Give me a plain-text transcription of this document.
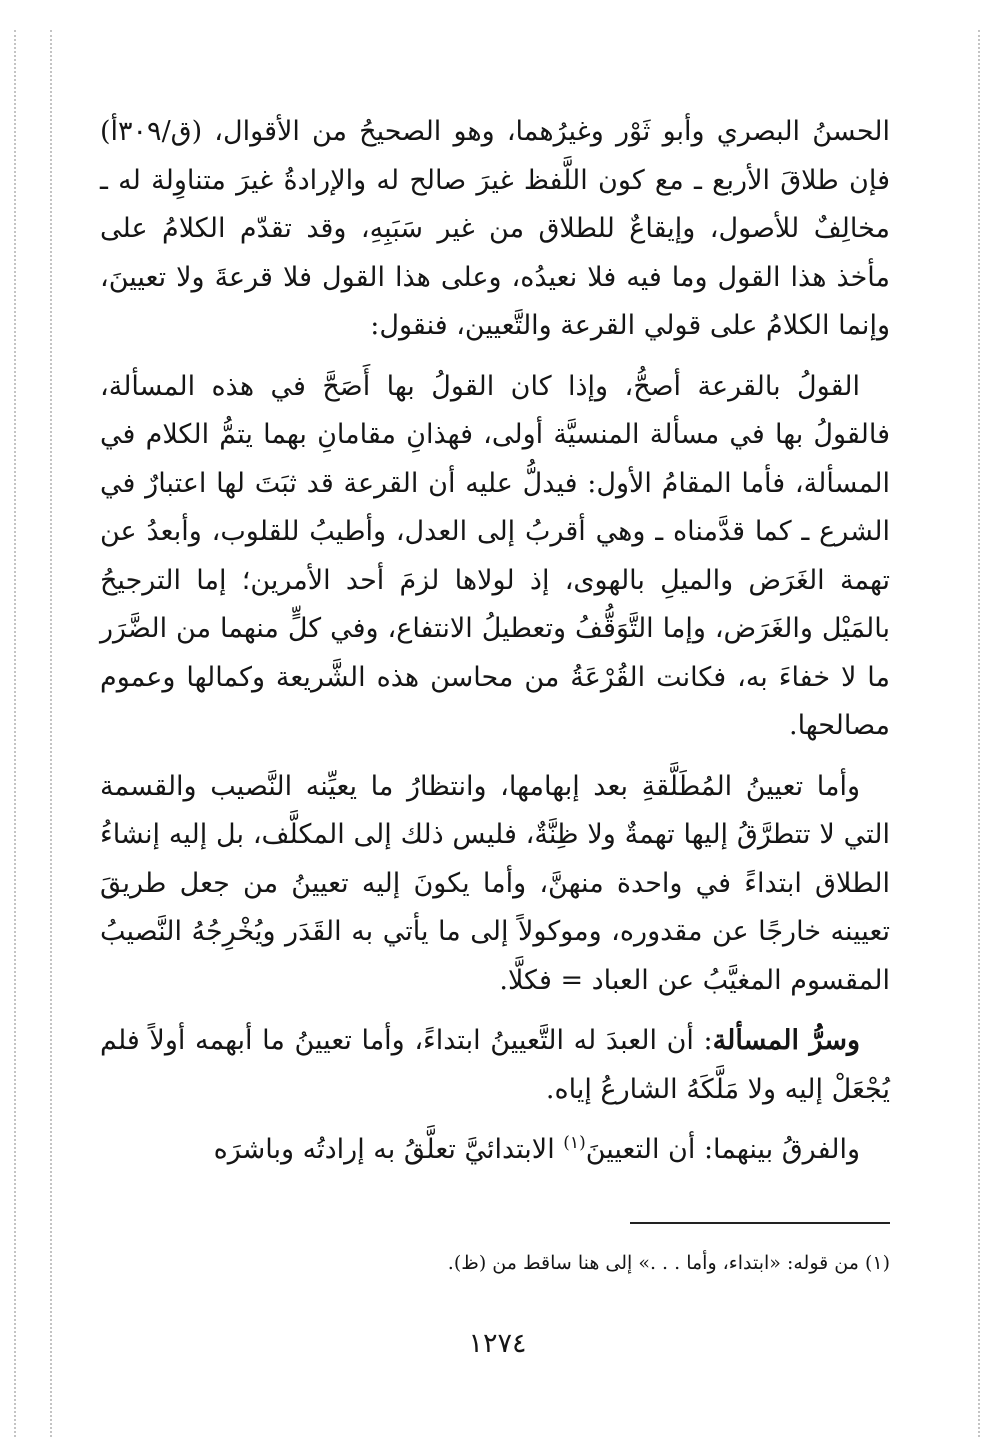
الحسنُ البصري وأبو ثَوْر وغيرُهما، وهو الصحيحُ من الأقوال، (ق/٣٠٩أ) فإن طلاقَ الأربع ـ مع كون اللَّفظ غيرَ صالح له والإرادةُ غيرَ متناوِلة له ـ مخالِفٌ للأصول، وإيقاعٌ للطلاق من غير سَبَبِهِ، وقد تقدّم الكلامُ على مأخذ هذا القول وما فيه فلا نعيدُه، وعلى هذا القول فلا قرعةَ ولا تعيينَ، وإنما الكلامُ على قولي القرعة والتَّعيين، فنقول:

القولُ بالقرعة أصحُّ، وإذا كان القولُ بها أَصَحَّ في هذه المسألة، فالقولُ بها في مسألة المنسيَّة أولى، فهذانِ مقامانِ بهما يتمُّ الكلام في المسألة، فأما المقامُ الأول: فيدلُّ عليه أن القرعة قد ثبَتَ لها اعتبارٌ في الشرع ـ كما قدَّمناه ـ وهي أقربُ إلى العدل، وأطيبُ للقلوب، وأبعدُ عن تهمة الغَرَض والميلِ بالهوى، إذ لولاها لزمَ أحد الأمرين؛ إما الترجيحُ بالمَيْل والغَرَض، وإما التَّوَقُّفُ وتعطيلُ الانتفاع، وفي كلٍّ منهما من الضَّرَر ما لا خفاءَ به، فكانت القُرْعَةُ من محاسن هذه الشَّريعة وكمالها وعموم مصالحها.

وأما تعيينُ المُطَلَّقةِ بعد إبهامها، وانتظارُ ما يعيِّنه النَّصيب والقسمة التي لا تتطرَّقُ إليها تهمةٌ ولا ظِنَّةٌ، فليس ذلك إلى المكلَّف، بل إليه إنشاءُ الطلاق ابتداءً في واحدة منهنَّ، وأما يكونَ إليه تعيينُ من جعل طريقَ تعيينه خارجًا عن مقدوره، وموكولاً إلى ما يأتي به القَدَر ويُخْرِجُهُ النَّصيبُ المقسوم المغيَّبُ عن العباد = فكلَّا.

وسرُّ المسألة: أن العبدَ له التَّعيينُ ابتداءً، وأما تعيينُ ما أبهمه أولاً فلم يُجْعَلْ إليه ولا مَلَّكَهُ الشارعُ إياه.

والفرقُ بينهما: أن التعيينَ$^{(١)}$ الابتدائيَّ تعلَّقُ به إرادتُه وباشرَه

(١) من قوله: «ابتداء، وأما . . .» إلى هنا ساقط من (ظ).
١٢٧٤
